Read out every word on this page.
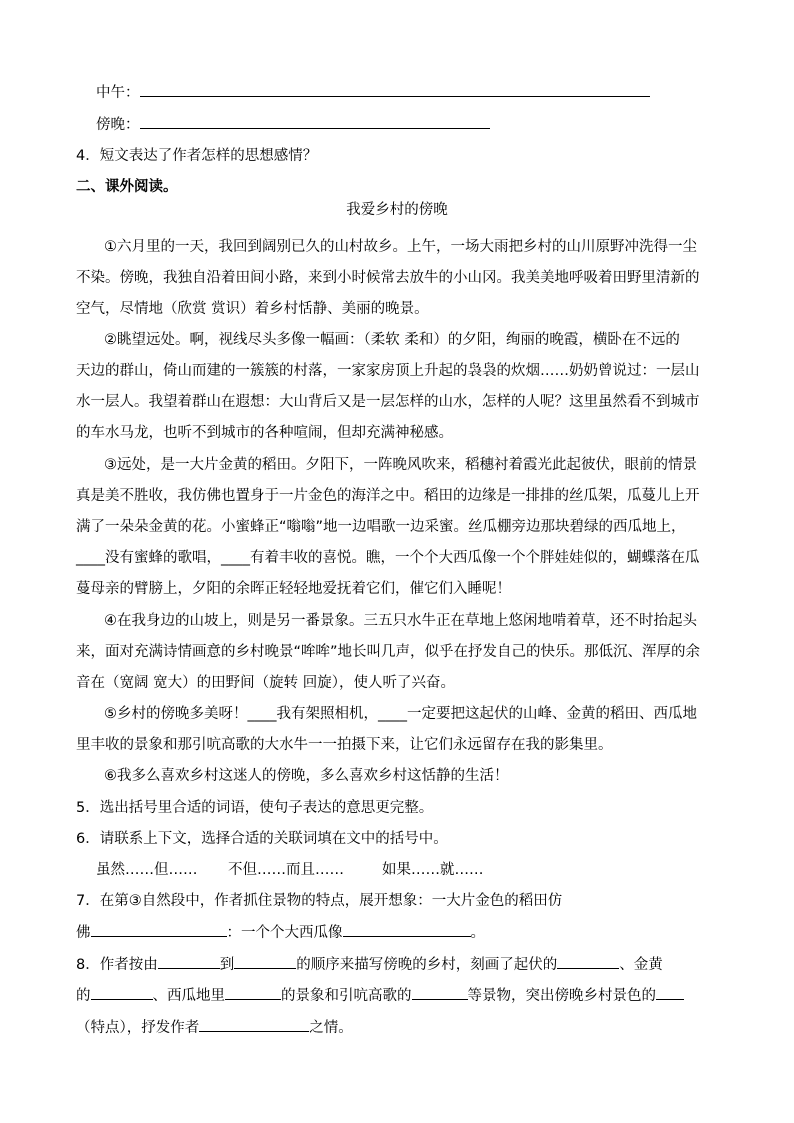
中午：
傍晚：
4．短文表达了作者怎样的思想感情？
二、课外阅读。
我爱乡村的傍晚
①六月里的一天，我回到阔别已久的山村故乡。上午，一场大雨把乡村的山川原野冲洗得一尘
不染。傍晚，我独自沿着田间小路，来到小时候常去放牛的小山冈。我美美地呼吸着田野里清新的
空气，尽情地（欣赏 赏识）着乡村恬静、美丽的晚景。
②眺望远处。啊，视线尽头多像一幅画：（柔软 柔和）的夕阳，绚丽的晚霞，横卧在不远的
天边的群山，倚山而建的一簇簇的村落，一家家房顶上升起的袅袅的炊烟……奶奶曾说过：一层山
水一层人。我望着群山在遐想：大山背后又是一层怎样的山水，怎样的人呢？这里虽然看不到城市
的车水马龙，也听不到城市的各种喧闹，但却充满神秘感。
③远处，是一大片金黄的稻田。夕阳下，一阵晚风吹来，稻穗衬着霞光此起彼伏，眼前的情景
真是美不胜收，我仿佛也置身于一片金色的海洋之中。稻田的边缘是一排排的丝瓜架，瓜蔓儿上开
满了一朵朵金黄的花。小蜜蜂正“嗡嗡”地一边唱歌一边采蜜。丝瓜棚旁边那块碧绿的西瓜地上，
____没有蜜蜂的歌唱，____有着丰收的喜悦。瞧，一个个大西瓜像一个个胖娃娃似的，蝴蝶落在瓜
蔓母亲的臂膀上，夕阳的余晖正轻轻地爱抚着它们，催它们入睡呢！
④在我身边的山坡上，则是另一番景象。三五只水牛正在草地上悠闲地啃着草，还不时抬起头
来，面对充满诗情画意的乡村晚景“哞哞”地长叫几声，似乎在抒发自己的快乐。那低沉、浑厚的余
音在（宽阔 宽大）的田野间（旋转 回旋），使人听了兴奋。
⑤乡村的傍晚多美呀！____我有架照相机，____一定要把这起伏的山峰、金黄的稻田、西瓜地
里丰收的景象和那引吭高歌的大水牛一一拍摄下来，让它们永远留存在我的影集里。
⑥我多么喜欢乡村这迷人的傍晚，多么喜欢乡村这恬静的生活！
5．选出括号里合适的词语，使句子表达的意思更完整。
6．请联系上下文，选择合适的关联词填在文中的括号中。
虽然……但…… 不但……而且……	如果……就……
7．在第③自然段中，作者抓住景物的特点，展开想象：一大片金色的稻田仿
佛	：一个个大西瓜像	。
8．作者按由	到	的顺序来描写傍晚的乡村，刻画了起伏的	、金黄
的	、西瓜地里	的景象和引吭高歌的	等景物，突出傍晚乡村景色的
（特点），抒发作者	之情。
